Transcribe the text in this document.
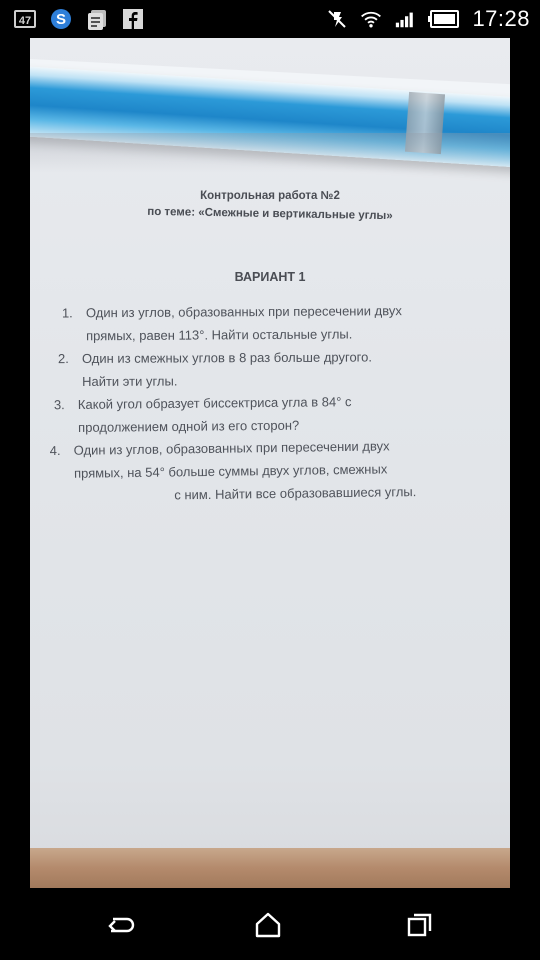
47	S	17:28
Контрольная работа №2
по теме: «Смежные и вертикальные углы»
ВАРИАНТ 1
1. Один из углов, образованных при пересечении двух
прямых, равен 113°. Найти остальные углы.
2. Один из смежных углов в 8 раз больше другого.
Найти эти углы.
3. Какой угол образует биссектриса угла в 84° с
продолжением одной из его сторон?
4. Один из углов, образованных при пересечении двух
прямых, на 54° больше суммы двух углов, смежных
с ним. Найти все образовавшиеся углы.
